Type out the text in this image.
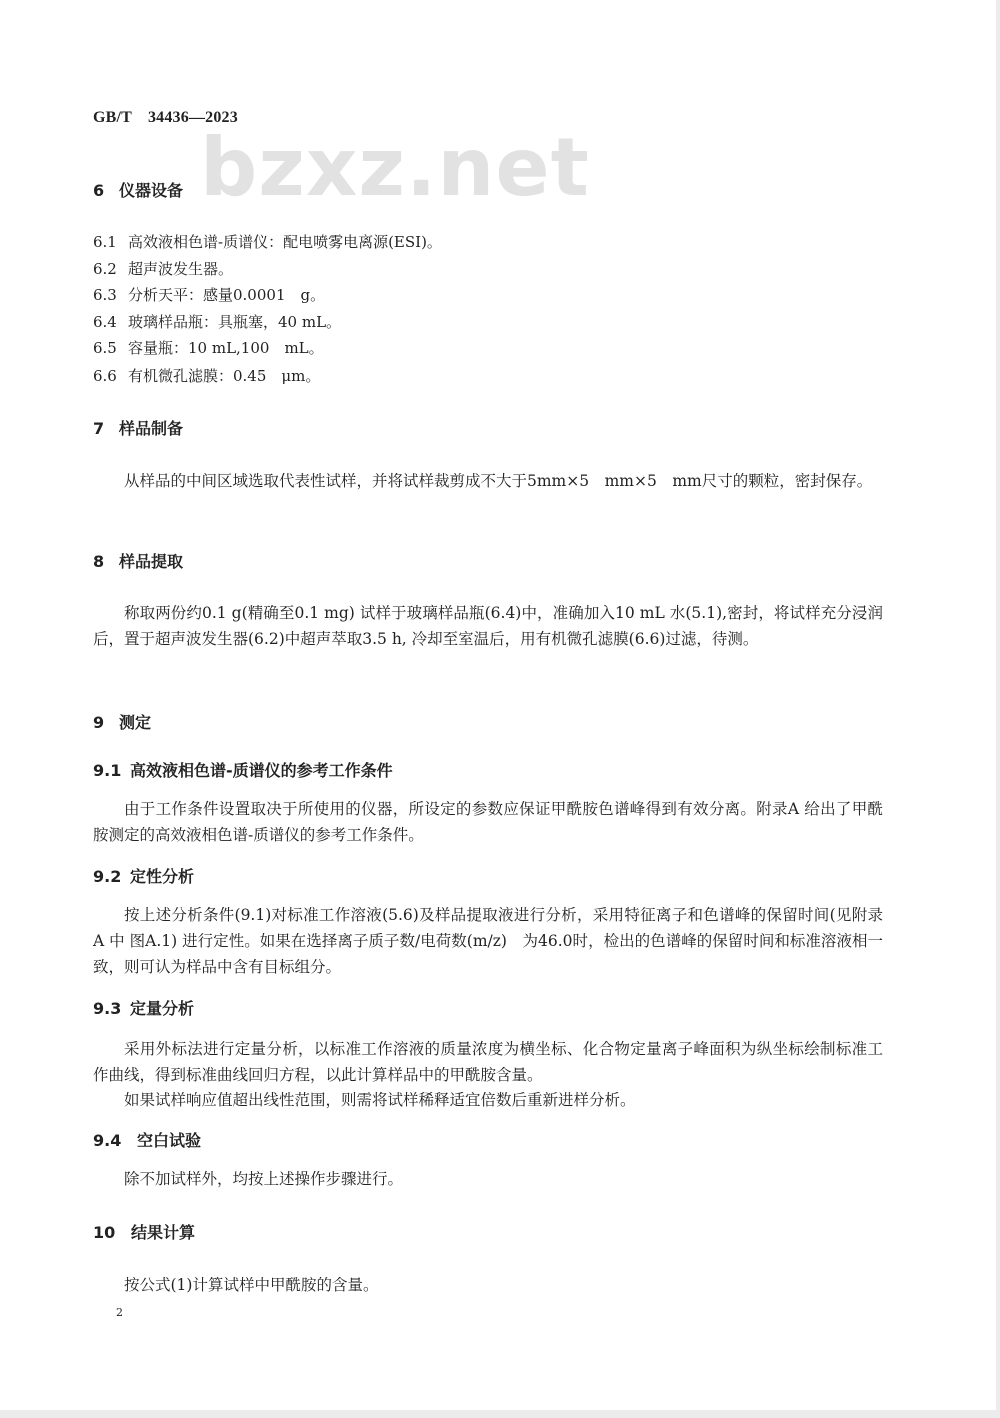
GB/T　34436—2023
bzxz.net
6 仪器设备
6.1 高效液相色谱-质谱仪：配电喷雾电离源(ESI)。
6.2 超声波发生器。
6.3 分析天平：感量0.0001　g。
6.4 玻璃样品瓶：具瓶塞，40 mL。
6.5 容量瓶：10 mL,100　mL。
6.6 有机微孔滤膜：0.45　μm。
7 样品制备
从样品的中间区域选取代表性试样，并将试样裁剪成不大于5mm×5　mm×5　mm尺寸的颗粒，密封保存。
8 样品提取
称取两份约0.1 g(精确至0.1 mg) 试样于玻璃样品瓶(6.4)中，准确加入10 mL 水(5.1),密封，将试样充分浸润后，置于超声波发生器(6.2)中超声萃取3.5 h, 冷却至室温后，用有机微孔滤膜(6.6)过滤，待测。
9 测定
9.1 高效液相色谱-质谱仪的参考工作条件
由于工作条件设置取决于所使用的仪器，所设定的参数应保证甲酰胺色谱峰得到有效分离。附录A 给出了甲酰胺测定的高效液相色谱-质谱仪的参考工作条件。
9.2 定性分析
按上述分析条件(9.1)对标准工作溶液(5.6)及样品提取液进行分析，采用特征离子和色谱峰的保留时间(见附录 A 中 图A.1) 进行定性。如果在选择离子质子数/电荷数(m/z)　为46.0时，检出的色谱峰的保留时间和标准溶液相一致，则可认为样品中含有目标组分。
9.3 定量分析
采用外标法进行定量分析，以标准工作溶液的质量浓度为横坐标、化合物定量离子峰面积为纵坐标绘制标准工作曲线，得到标准曲线回归方程，以此计算样品中的甲酰胺含量。
如果试样响应值超出线性范围，则需将试样稀释适宜倍数后重新进样分析。
9.4 空白试验
除不加试样外，均按上述操作步骤进行。
10 结果计算
按公式(1)计算试样中甲酰胺的含量。
2
